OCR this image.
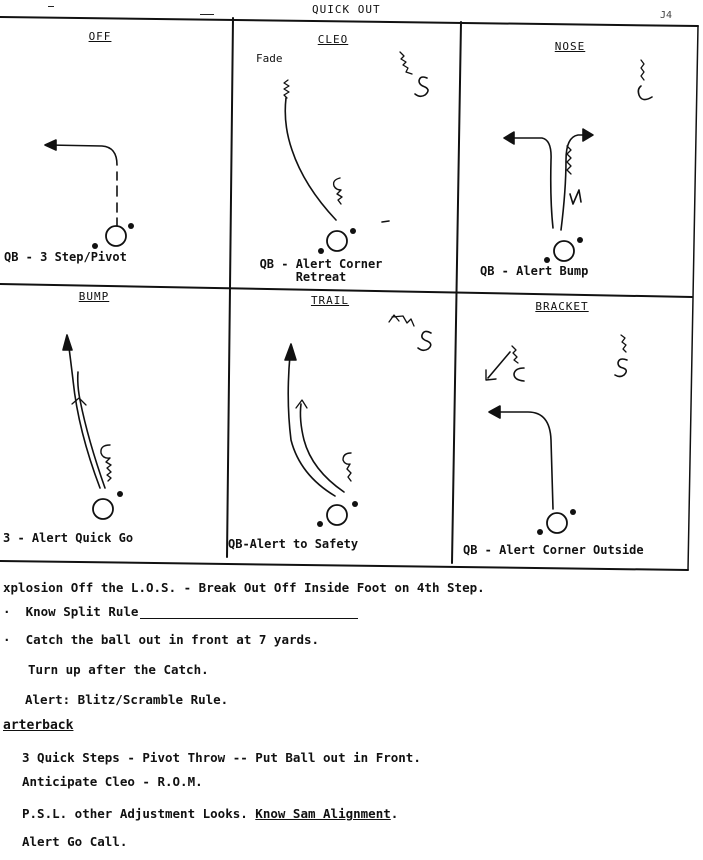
QUICK OUT	J4
OFF	CLEO
NOSE
BUMP	TRAIL	BRACKET
Fade
QB - 3 Step/Pivot	QB - Alert Corner
Retreat	QB - Alert Bump
3 - Alert Quick Go	QB-Alert to Safety	QB - Alert Corner Outside
xplosion Off the L.O.S. - Break Out Off Inside Foot on 4th Step.
·  Know Split Rule
·  Catch the ball out in front at 7 yards.
Turn up after the Catch.
Alert: Blitz/Scramble Rule.
arterback
3 Quick Steps - Pivot Throw -- Put Ball out in Front.
Anticipate Cleo - R.O.M.
P.S.L. other Adjustment Looks. Know Sam Alignment.
Alert Go Call.
